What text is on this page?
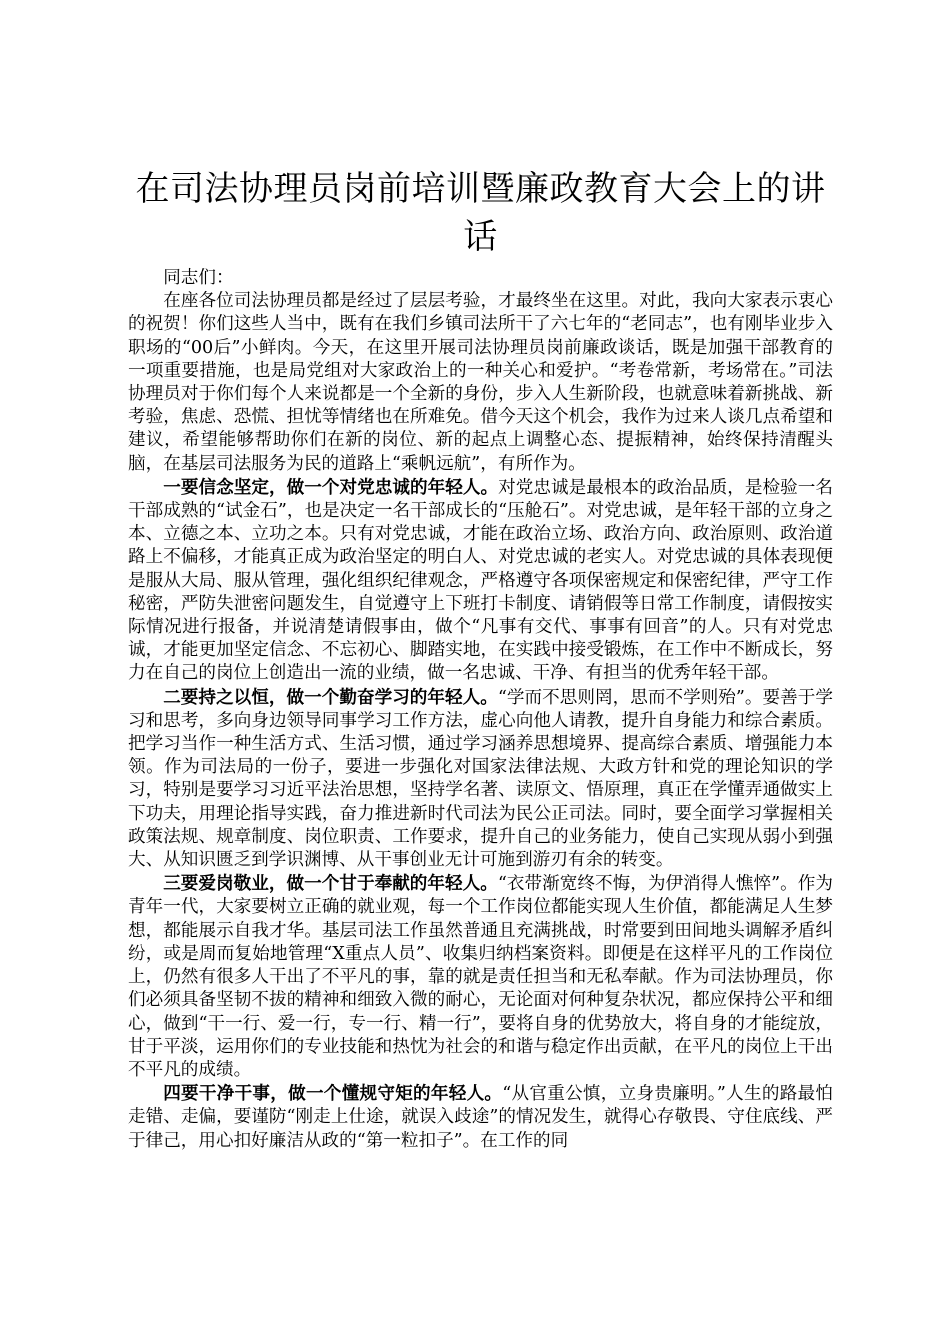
在司法协理员岗前培训暨廉政教育大会上的讲话

同志们：

在座各位司法协理员都是经过了层层考验，才最终坐在这里。对此，我向大家表示衷心的祝贺！你们这些人当中，既有在我们乡镇司法所干了六七年的“老同志”，也有刚毕业步入职场的“00后”小鲜肉。今天，在这里开展司法协理员岗前廉政谈话，既是加强干部教育的一项重要措施，也是局党组对大家政治上的一种关心和爱护。“考卷常新，考场常在。”司法协理员对于你们每个人来说都是一个全新的身份，步入人生新阶段，也就意味着新挑战、新考验，焦虑、恐慌、担忧等情绪也在所难免。借今天这个机会，我作为过来人谈几点希望和建议，希望能够帮助你们在新的岗位、新的起点上调整心态、提振精神，始终保持清醒头脑，在基层司法服务为民的道路上“乘帆远航”，有所作为。

一要信念坚定，做一个对党忠诚的年轻人。对党忠诚是最根本的政治品质，是检验一名干部成熟的“试金石”，也是决定一名干部成长的“压舱石”。对党忠诚，是年轻干部的立身之本、立德之本、立功之本。只有对党忠诚，才能在政治立场、政治方向、政治原则、政治道路上不偏移，才能真正成为政治坚定的明白人、对党忠诚的老实人。对党忠诚的具体表现便是服从大局、服从管理，强化组织纪律观念，严格遵守各项保密规定和保密纪律，严守工作秘密，严防失泄密问题发生，自觉遵守上下班打卡制度、请销假等日常工作制度，请假按实际情况进行报备，并说清楚请假事由，做个“凡事有交代、事事有回音”的人。只有对党忠诚，才能更加坚定信念、不忘初心、脚踏实地，在实践中接受锻炼，在工作中不断成长，努力在自己的岗位上创造出一流的业绩，做一名忠诚、干净、有担当的优秀年轻干部。

二要持之以恒，做一个勤奋学习的年轻人。“学而不思则罔，思而不学则殆”。要善于学习和思考，多向身边领导同事学习工作方法，虚心向他人请教，提升自身能力和综合素质。把学习当作一种生活方式、生活习惯，通过学习涵养思想境界、提高综合素质、增强能力本领。作为司法局的一份子，要进一步强化对国家法律法规、大政方针和党的理论知识的学习，特别是要学习习近平法治思想，坚持学名著、读原文、悟原理，真正在学懂弄通做实上下功夫，用理论指导实践，奋力推进新时代司法为民公正司法。同时，要全面学习掌握相关政策法规、规章制度、岗位职责、工作要求，提升自己的业务能力，使自己实现从弱小到强大、从知识匮乏到学识渊博、从干事创业无计可施到游刃有余的转变。

三要爱岗敬业，做一个甘于奉献的年轻人。“衣带渐宽终不悔，为伊消得人憔悴”。作为青年一代，大家要树立正确的就业观，每一个工作岗位都能实现人生价值，都能满足人生梦想，都能展示自我才华。基层司法工作虽然普通且充满挑战，时常要到田间地头调解矛盾纠纷，或是周而复始地管理“X重点人员”、收集归纳档案资料。即便是在这样平凡的工作岗位上，仍然有很多人干出了不平凡的事，靠的就是责任担当和无私奉献。作为司法协理员，你们必须具备坚韧不拔的精神和细致入微的耐心，无论面对何种复杂状况，都应保持公平和细心，做到“干一行、爱一行，专一行、精一行”，要将自身的优势放大，将自身的才能绽放，甘于平淡，运用你们的专业技能和热忱为社会的和谐与稳定作出贡献，在平凡的岗位上干出不平凡的成绩。

四要干净干事，做一个懂规守矩的年轻人。“从官重公慎，立身贵廉明。”人生的路最怕走错、走偏，要谨防“刚走上仕途，就误入歧途”的情况发生，就得心存敬畏、守住底线、严于律己，用心扣好廉洁从政的“第一粒扣子”。在工作的同
